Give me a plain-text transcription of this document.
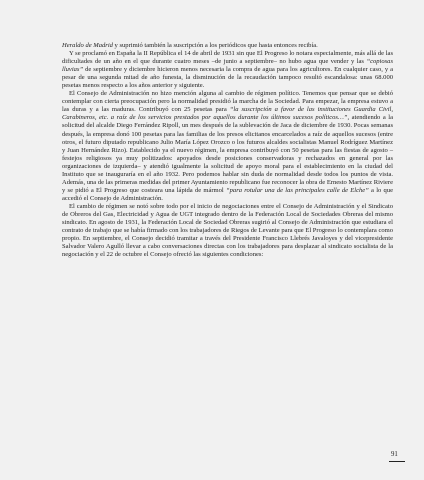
Heraldo de Madrid y suprimió también la suscripción a los periódicos que hasta entonces recibía.

Y se proclamó en España la II República el 14 de abril de 1931 sin que El Progreso lo notara especialmente, más allá de las dificultades de un año en el que durante cuatro meses –de junio a septiembre– no hubo agua que vender y las “copiosas lluvias” de septiembre y diciembre hicieron menos necesaria la compra de agua para los agricultores. En cualquier caso, y a pesar de una segunda mitad de año funesta, la disminución de la recaudación tampoco resultó escandalosa: unas 68.000 pesetas menos respecto a los años anterior y siguiente.

El Consejo de Administración no hizo mención alguna al cambio de régimen político. Tenemos que pensar que se debió contemplar con cierta preocupación pero la normalidad presidió la marcha de la Sociedad. Para empezar, la empresa estuvo a las duras y a las maduras. Contribuyó con 25 pesetas para “la suscripción a favor de las instituciones Guardia Civil, Carabineros, etc. a raíz de los servicios prestados por aquellos durante los últimos sucesos políticos…”, atendiendo a la solicitud del alcalde Diego Ferrández Ripoll, un mes después de la sublevación de Jaca de diciembre de 1930. Pocas semanas después, la empresa donó 100 pesetas para las familias de los presos elicitanos encarcelados a raíz de aquellos sucesos (entre otros, el futuro diputado republicano Julio María López Orozco o los futuros alcaldes socialistas Manuel Rodríguez Martínez y Juan Hernández Rizo). Establecido ya el nuevo régimen, la empresa contribuyó con 50 pesetas para las fiestas de agosto –festejos religiosos ya muy politizados: apoyados desde posiciones conservadoras y rechazados en general por las organizaciones de izquierda– y atendió igualmente la solicitud de apoyo moral para el establecimiento en la ciudad del Instituto que se inauguraría en el año 1932. Pero podemos hablar sin duda de normalidad desde todos los puntos de vista. Además, una de las primeras medidas del primer Ayuntamiento republicano fue reconocer la obra de Ernesto Martínez Riviere y se pidió a El Progreso que costeara una lápida de mármol “para rotular una de las principales calle de Elche” a lo que accedió el Consejo de Administración.

El cambio de régimen se notó sobre todo por el inicio de negociaciones entre el Consejo de Administración y el Sindicato de Obreros del Gas, Electricidad y Agua de UGT integrado dentro de la Federación Local de Sociedades Obreras del mismo sindicato. En agosto de 1931, la Federación Local de Sociedad Obreras sugirió al Consejo de Administración que estudiara el contrato de trabajo que se había firmado con los trabajadores de Riegos de Levante para que El Progreso lo contemplara como propio. En septiembre, el Consejo decidió tramitar a través del Presidente Francisco Llebrés Javaloyes y del vicepresidente Salvador Valero Agulló llevar a cabo conversaciones directas con los trabajadores para desplazar al sindicato socialista de la negociación y el 22 de octubre el Consejo ofreció las siguientes condiciones:

91
